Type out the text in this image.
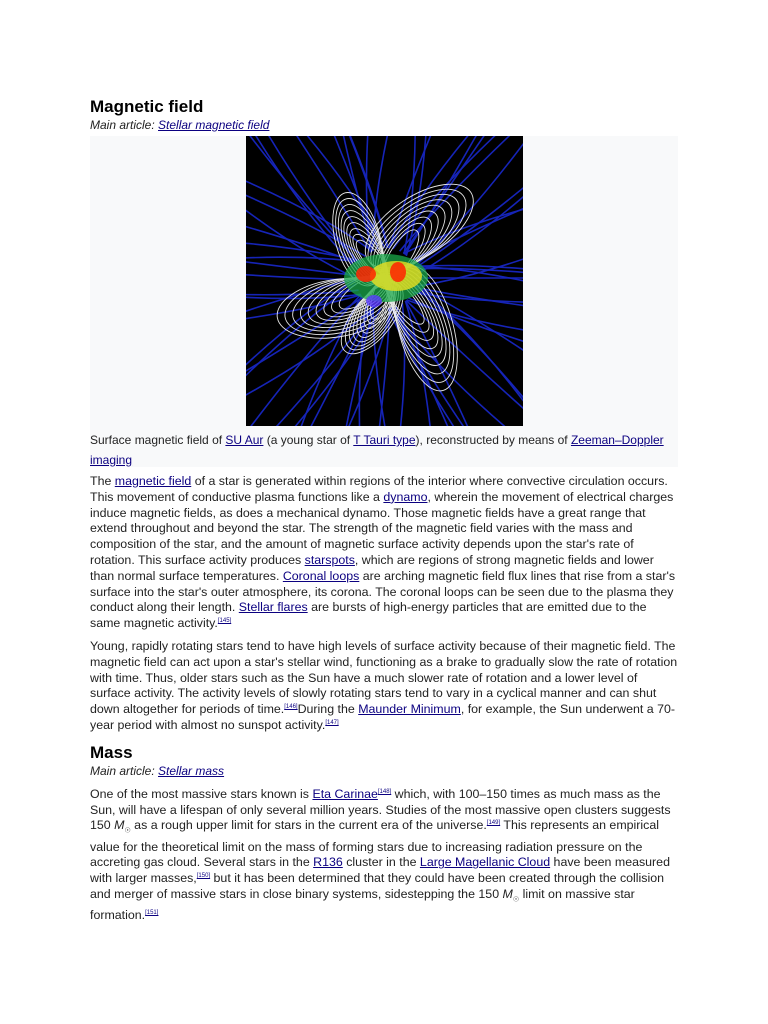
Magnetic field
Main article: Stellar magnetic field
Surface magnetic field of SU Aur (a young star of T Tauri type), reconstructed by means of Zeeman–Doppler imaging

The magnetic field of a star is generated within regions of the interior where convective circulation occurs. This movement of conductive plasma functions like a dynamo, wherein the movement of electrical charges induce magnetic fields, as does a mechanical dynamo. Those magnetic fields have a great range that extend throughout and beyond the star. The strength of the magnetic field varies with the mass and composition of the star, and the amount of magnetic surface activity depends upon the star's rate of rotation. This surface activity produces starspots, which are regions of strong magnetic fields and lower than normal surface temperatures. Coronal loops are arching magnetic field flux lines that rise from a star's surface into the star's outer atmosphere, its corona. The coronal loops can be seen due to the plasma they conduct along their length. Stellar flares are bursts of high-energy particles that are emitted due to the same magnetic activity.[145]

Young, rapidly rotating stars tend to have high levels of surface activity because of their magnetic field. The magnetic field can act upon a star's stellar wind, functioning as a brake to gradually slow the rate of rotation with time. Thus, older stars such as the Sun have a much slower rate of rotation and a lower level of surface activity. The activity levels of slowly rotating stars tend to vary in a cyclical manner and can shut down altogether for periods of time.[146]During the Maunder Minimum, for example, the Sun underwent a 70-year period with almost no sunspot activity.[147]

Mass
Main article: Stellar mass

One of the most massive stars known is Eta Carinae[148] which, with 100–150 times as much mass as the Sun, will have a lifespan of only several million years. Studies of the most massive open clusters suggests 150 $M_☉$ as a rough upper limit for stars in the current era of the universe.[149] This represents an empirical value for the theoretical limit on the mass of forming stars due to increasing radiation pressure on the accreting gas cloud. Several stars in the R136 cluster in the Large Magellanic Cloud have been measured with larger masses,[150] but it has been determined that they could have been created through the collision and merger of massive stars in close binary systems, sidestepping the 150 $M_☉$ limit on massive star formation.[151]
